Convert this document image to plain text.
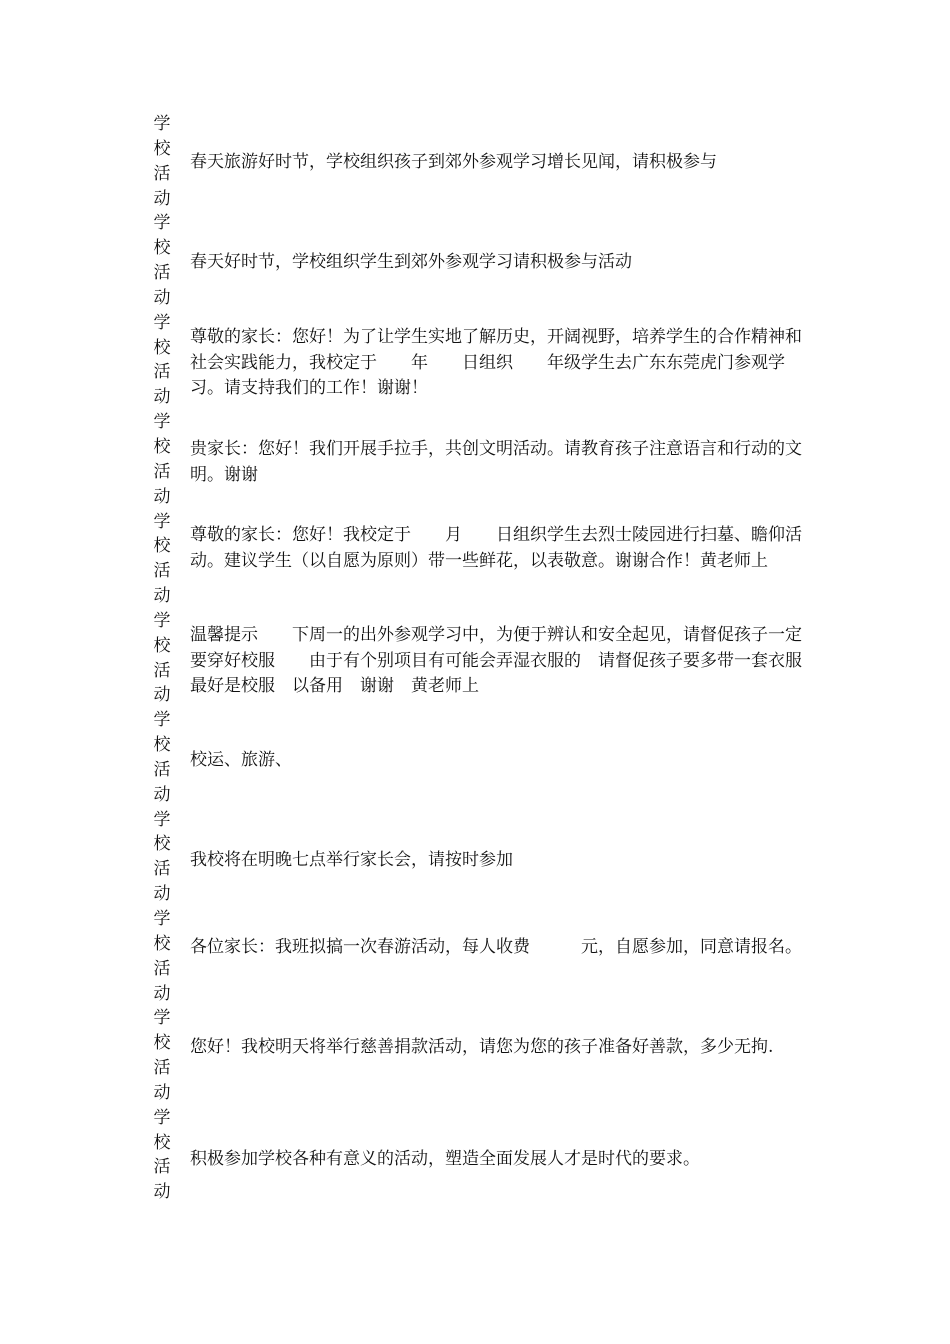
学
校
活
动
学
校
活
动
学
校
活
动
学
校
活
动
学
校
活
动
学
校
活
动
学
校
活
动
学
校
活
动
学
校
活
动
学
校
活
动
学
校
活
动
春天旅游好时节，学校组织孩子到郊外参观学习增长见闻，请积极参与
春天好时节，学校组织学生到郊外参观学习请积极参与活动
尊敬的家长：您好！为了让学生实地了解历史，开阔视野，培养学生的合作精神和社会实践能力，我校定于　　年　　日组织　　年级学生去广东东莞虎门参观学习。请支持我们的工作！谢谢！
贵家长：您好！我们开展手拉手，共创文明活动。请教育孩子注意语言和行动的文明。谢谢
尊敬的家长：您好！我校定于　　月　　日组织学生去烈士陵园进行扫墓、瞻仰活动。建议学生（以自愿为原则）带一些鲜花，以表敬意。谢谢合作！黄老师上
温馨提示　　下周一的出外参观学习中，为便于辨认和安全起见，请督促孩子一定要穿好校服　　由于有个别项目有可能会弄湿衣服的　请督促孩子要多带一套衣服　最好是校服　以备用　谢谢　黄老师上
校运、旅游、
我校将在明晚七点举行家长会，请按时参加
各位家长：我班拟搞一次春游活动，每人收费　　　元，自愿参加，同意请报名。
您好！我校明天将举行慈善捐款活动，请您为您的孩子准备好善款，多少无拘.
积极参加学校各种有意义的活动，塑造全面发展人才是时代的要求。
